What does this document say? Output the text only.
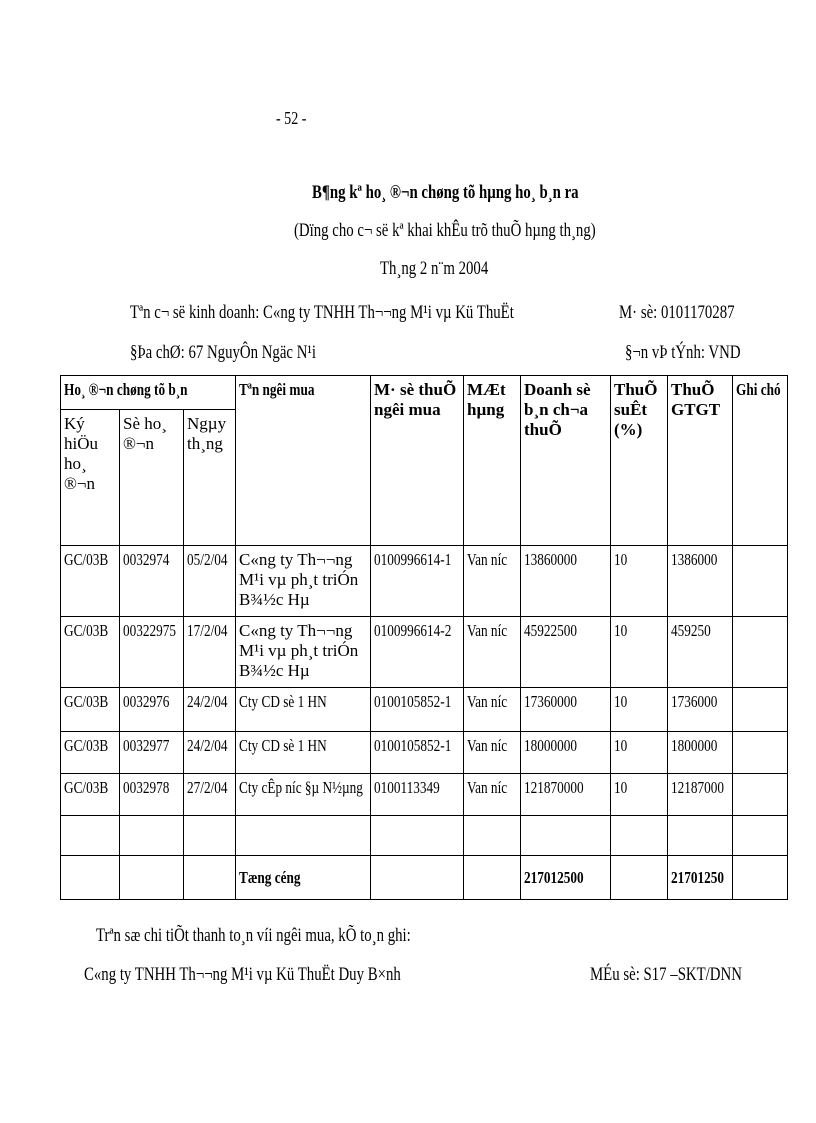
- 52 -
B¶ng kª ho¸ ®¬n chøng tõ hµng ho¸ b¸n ra
(Dïng cho c¬ së kª khai khÊu trõ thuÕ hµng th¸ng)
Th¸ng 2 n¨m 2004
Tªn c¬ së kinh doanh: C«ng ty TNHH Th¬¬ng M¹i vµ Kü ThuËt	M· sè: 0101170287
§Þa chØ: 67 NguyÔn Ngäc N¹i	§¬n vÞ tÝnh: VND
Ho¸ ®¬n chøng tõ b¸n			Tªn ngêi mua	M· sè thuÕ ngêi mua	MÆt hµng	Doanh sè b¸n ch¬a thuÕ	ThuÕ suÊt (%)	ThuÕ GTGT	Ghi chó
Ký hiÖu ho¸ ®¬n	Sè ho¸ ®¬n	Ngµy th¸ng							
GC/03B	0032974	05/2/04	C«ng ty Th¬¬ng M¹i vµ ph¸t triÓn B¾½c Hµ	0100996614-1	Van níc	13860000	10	1386000	
GC/03B	00322975	17/2/04	C«ng ty Th¬¬ng M¹i vµ ph¸t triÓn B¾½c Hµ	0100996614-2	Van níc	45922500	10	459250	
GC/03B	0032976	24/2/04	Cty CD sè 1 HN	0100105852-1	Van níc	17360000	10	1736000	
GC/03B	0032977	24/2/04	Cty CD sè 1 HN	0100105852-1	Van níc	18000000	10	1800000	
GC/03B	0032978	27/2/04	Cty cÊp níc §µ N½µng	0100113349	Van níc	121870000	10	12187000	

			Tæng céng			217012500		21701250	
Trªn sæ chi tiÕt thanh to¸n víi ngêi mua, kÕ to¸n ghi:
C«ng ty TNHH Th¬¬ng M¹i vµ Kü ThuËt Duy B×nh	MÉu sè: S17 –SKT/DNN
